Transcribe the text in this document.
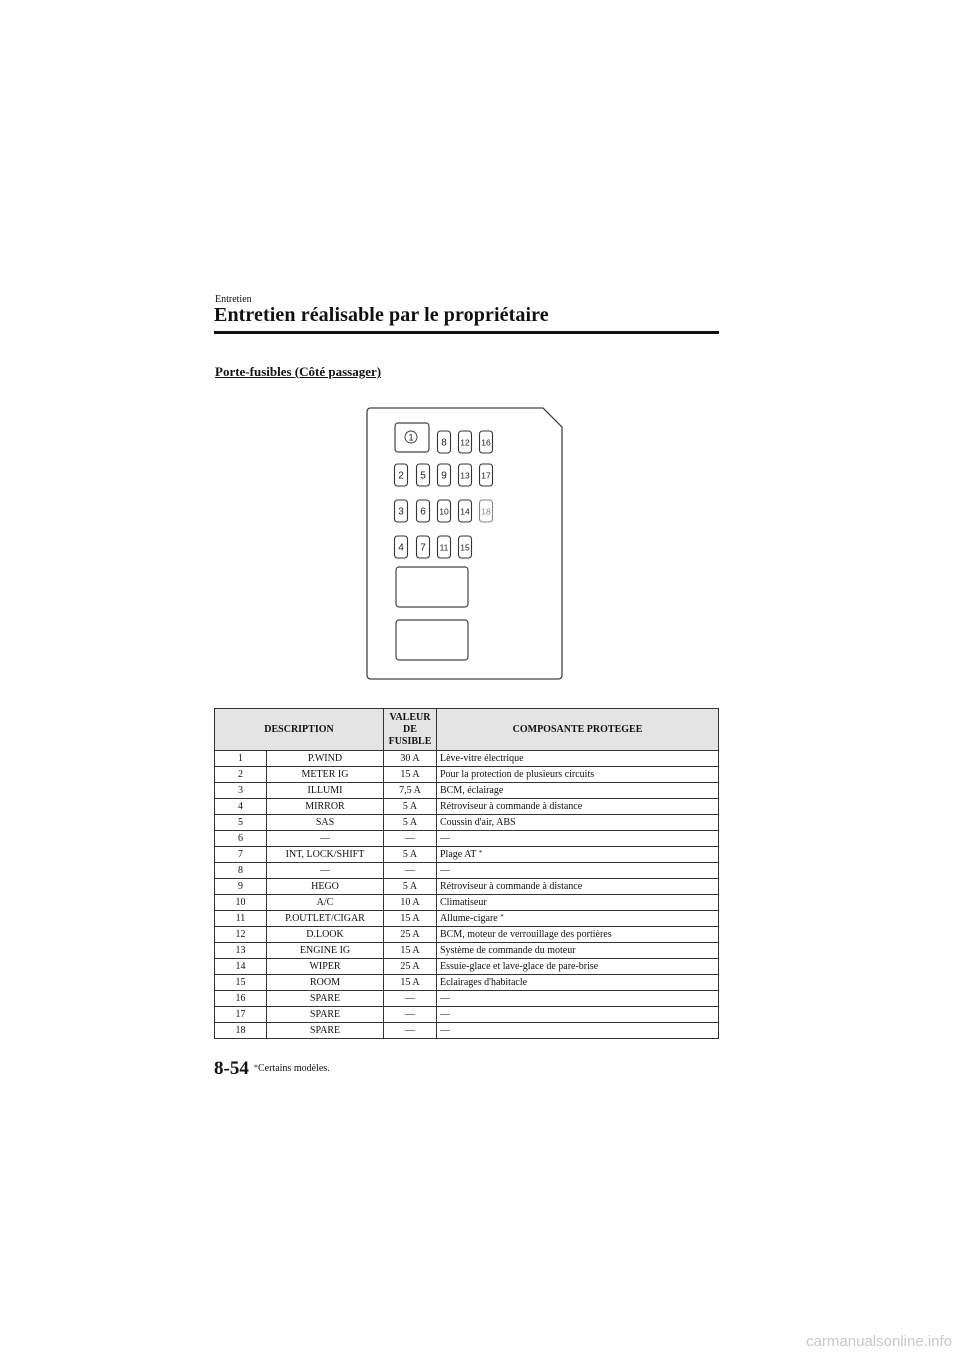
Entretien
Entretien réalisable par le propriétaire
Porte-fusibles (Côté passager)
1
2
3
4
5
6
7
8
9
10
11
12
13
14
15
16
17
18
DESCRIPTION		VALEUR DE FUSIBLE	COMPOSANTE PROTEGEE
1	P.WIND	30 A	Lève-vitre électrique
2	METER IG	15 A	Pour la protection de plusieurs circuits
3	ILLUMI	7,5 A	BCM, éclairage
4	MIRROR	5 A	Rétroviseur à commande à distance
5	SAS	5 A	Coussin d'air, ABS
6	—	—	—
7	INT, LOCK/SHIFT	5 A	Plage AT *
8	—	—	—
9	HEGO	5 A	Rétroviseur à commande à distance
10	A/C	10 A	Climatiseur
11	P.OUTLET/CIGAR	15 A	Allume-cigare *
12	D.LOOK	25 A	BCM, moteur de verrouillage des portières
13	ENGINE IG	15 A	Système de commande du moteur
14	WIPER	25 A	Essuie-glace et lave-glace de pare-brise
15	ROOM	15 A	Eclairages d'habitacle
16	SPARE	—	—
17	SPARE	—	—
18	SPARE	—	—
8-54 *Certains modèles.
carmanualsonline.info
